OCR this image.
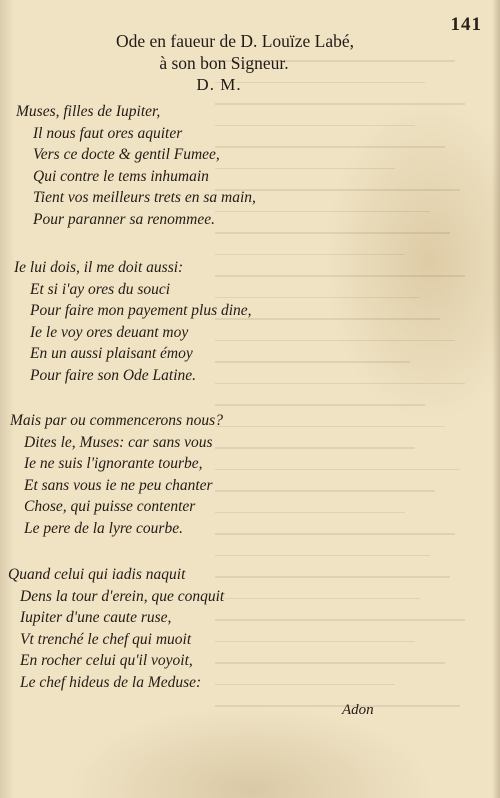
141
Ode en faueur de D. Louïze Labé,
à son bon Signeur.
D. M.
Muses, filles de Iupiter,
Il nous faut ores aquiter
Vers ce docte & gentil Fumee,
Qui contre le tems inhumain
Tient vos meilleurs trets en sa main,
Pour paranner sa renommee.
Ie lui dois, il me doit aussi:
Et si i'ay ores du souci
Pour faire mon payement plus dine,
Ie le voy ores deuant moy
En un aussi plaisant émoy
Pour faire son Ode Latine.
Mais par ou commencerons nous?
Dites le, Muses: car sans vous
Ie ne suis l'ignorante tourbe,
Et sans vous ie ne peu chanter
Chose, qui puisse contenter
Le pere de la lyre courbe.
Quand celui qui iadis naquit
Dens la tour d'erein, que conquit
Iupiter d'une caute ruse,
Vt trenché le chef qui muoit
En rocher celui qu'il voyoit,
Le chef hideus de la Meduse:
Adon
